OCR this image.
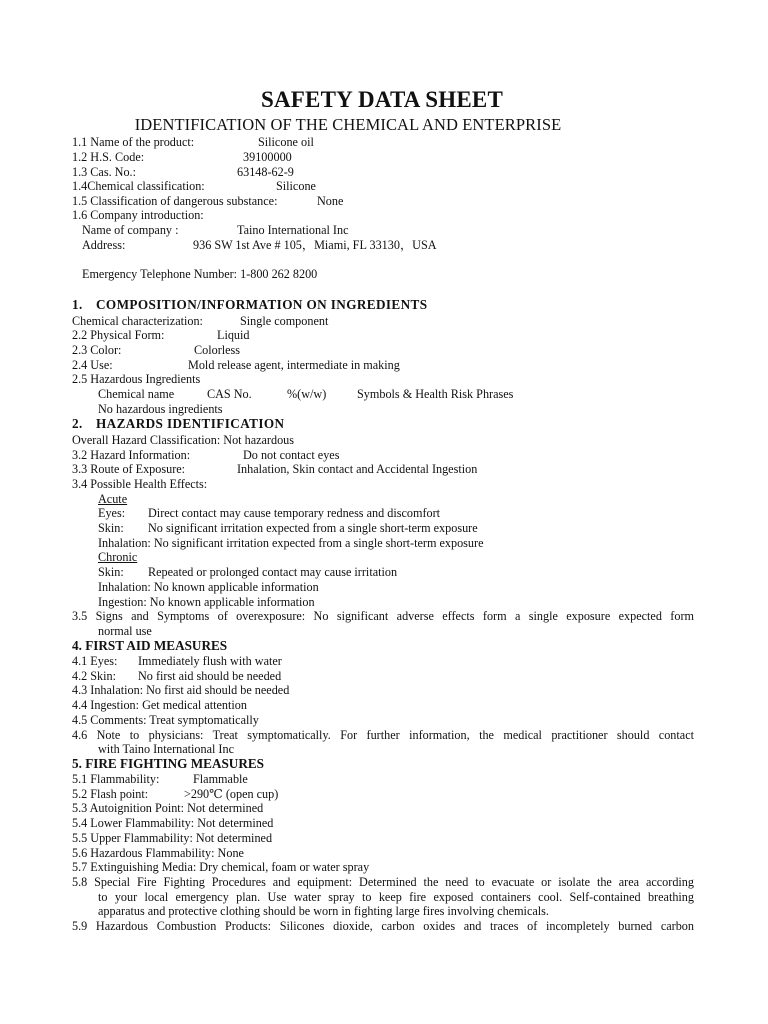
SAFETY DATA SHEET
IDENTIFICATION OF THE CHEMICAL AND ENTERPRISE
1.1 Name of the product:	Silicone oil
1.2 H.S. Code:	39100000
1.3 Cas. No.:	63148-62-9
1.4Chemical classification:	Silicone
1.5 Classification of dangerous substance:	None
1.6 Company introduction:
Name of company :	Taino International Inc
Address:	936 SW 1st Ave # 105，Miami, FL 33130，USA
Emergency Telephone Number: 1-800 262 8200
1. COMPOSITION/INFORMATION ON INGREDIENTS
Chemical characterization:	Single component
2.2 Physical Form:	Liquid
2.3 Color:	Colorless
2.4 Use:	Mold release agent, intermediate in making
2.5 Hazardous Ingredients
Chemical name	CAS No.	%(w/w)	Symbols & Health Risk Phrases
No hazardous ingredients
2. HAZARDS IDENTIFICATION
Overall Hazard Classification: Not hazardous
3.2 Hazard Information:	Do not contact eyes
3.3 Route of Exposure:	Inhalation, Skin contact and Accidental Ingestion
3.4 Possible Health Effects:
Acute
Eyes: Direct contact may cause temporary redness and discomfort
Skin: No significant irritation expected from a single short-term exposure
Inhalation: No significant irritation expected from a single short-term exposure
Chronic
Skin: Repeated or prolonged contact may cause irritation
Inhalation: No known applicable information
Ingestion: No known applicable information
3.5 Signs and Symptoms of overexposure: No significant adverse effects form a single exposure expected form
normal use
4. FIRST AID MEASURES
4.1 Eyes: Immediately flush with water
4.2 Skin: No first aid should be needed
4.3 Inhalation: No first aid should be needed
4.4 Ingestion: Get medical attention
4.5 Comments: Treat symptomatically
4.6 Note to physicians: Treat symptomatically. For further information, the medical practitioner should contact
with Taino International Inc
5. FIRE FIGHTING MEASURES
5.1 Flammability:	Flammable
5.2 Flash point:	>290℃ (open cup)
5.3 Autoignition Point: Not determined
5.4 Lower Flammability: Not determined
5.5 Upper Flammability: Not determined
5.6 Hazardous Flammability: None
5.7 Extinguishing Media: Dry chemical, foam or water spray
5.8 Special Fire Fighting Procedures and equipment: Determined the need to evacuate or isolate the area according
to your local emergency plan. Use water spray to keep fire exposed containers cool. Self-contained breathing
apparatus and protective clothing should be worn in fighting large fires involving chemicals.
5.9 Hazardous Combustion Products: Silicones dioxide, carbon oxides and traces of incompletely burned carbon
